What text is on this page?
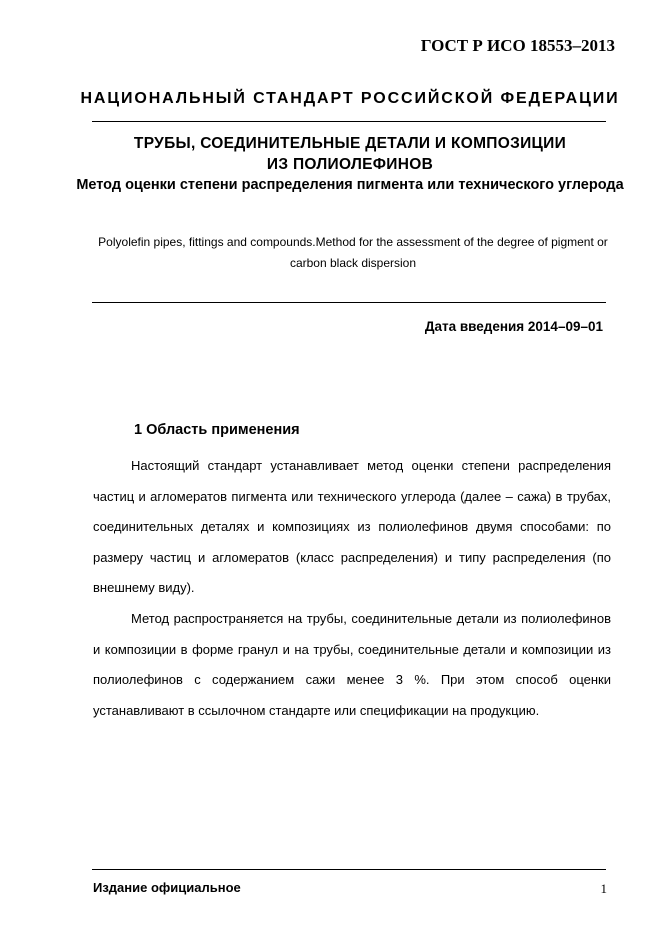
ГОСТ Р ИСО 18553–2013
НАЦИОНАЛЬНЫЙ СТАНДАРТ РОССИЙСКОЙ ФЕДЕРАЦИИ
ТРУБЫ, СОЕДИНИТЕЛЬНЫЕ ДЕТАЛИ И КОМПОЗИЦИИ
ИЗ ПОЛИОЛЕФИНОВ
Метод оценки степени распределения пигмента или технического углерода
Polyolefin pipes, fittings and compounds.Method for the assessment of the degree of pigment or carbon black dispersion
Дата введения 2014–09–01
1 Область применения
Настоящий стандарт устанавливает метод оценки степени распределения частиц и агломератов пигмента или технического углерода (далее – сажа) в трубах, соединительных деталях и композициях из полиолефинов двумя способами: по размеру частиц и агломератов (класс распределения) и типу распределения (по внешнему виду).
Метод распространяется на трубы, соединительные детали из полиолефинов и композиции в форме гранул и на трубы, соединительные детали и композиции из полиолефинов с содержанием сажи менее 3 %. При этом способ оценки устанавливают в ссылочном стандарте или спецификации на продукцию.
Издание официальное	1
